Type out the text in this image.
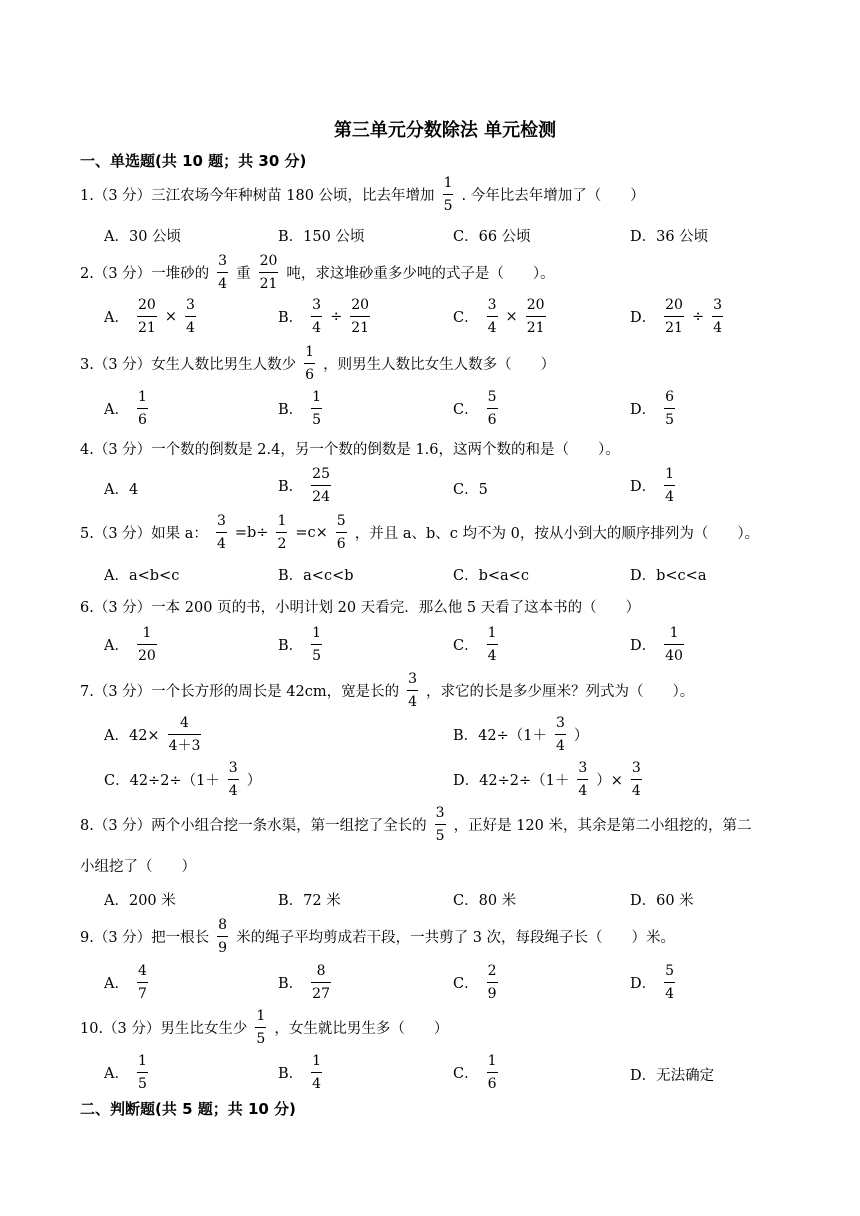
第三单元分数除法 单元检测
一、单选题(共 10 题；共 30 分)
1.（3 分）三江农场今年种树苗 180 公顷，比去年增加 $\frac{1}{5}$ . 今年比去年增加了（　　）
A．30 公顷	B．150 公顷	C．66 公顷	D．36 公顷
2.（3 分）一堆砂的 $\frac{3}{4}$ 重 $\frac{20}{21}$ 吨，求这堆砂重多少吨的式子是（　　）。
A． $\frac{20}{21} \times \frac{3}{4}$	B． $\frac{3}{4} \div \frac{20}{21}$	C． $\frac{3}{4} \times \frac{20}{21}$	D． $\frac{20}{21} \div \frac{3}{4}$
3.（3 分）女生人数比男生人数少 $\frac{1}{6}$ ，则男生人数比女生人数多（　　）
A． $\frac{1}{6}$	B． $\frac{1}{5}$	C． $\frac{5}{6}$	D． $\frac{6}{5}$
4.（3 分）一个数的倒数是 2.4，另一个数的倒数是 1.6，这两个数的和是（　　）。
A．4	B． $\frac{25}{24}$	C．5	D． $\frac{1}{4}$
5.（3 分）如果 a： $\frac{3}{4} =b\div \frac{1}{2} =c\times \frac{5}{6}$ ，并且 a、b、c 均不为 0，按从小到大的顺序排列为（　　）。
A．a<b<c	B．a<c<b	C．b<a<c	D．b<c<a
6.（3 分）一本 200 页的书，小明计划 20 天看完．那么他 5 天看了这本书的（　　）
A． $\frac{1}{20}$	B． $\frac{1}{5}$	C． $\frac{1}{4}$	D． $\frac{1}{40}$
7.（3 分）一个长方形的周长是 42cm，宽是长的 $\frac{3}{4}$ ，求它的长是多少厘米？列式为（　　）。
A．$42\times \frac{4}{4+3}$	B．$42\div(1+ \frac{3}{4}$ ）
C．$42\div 2\div(1+ \frac{3}{4}$ ）	D．$42\div 2\div(1+ \frac{3}{4}$ ）× $\frac{3}{4}$
8.（3 分）两个小组合挖一条水渠，第一组挖了全长的 $\frac{3}{5}$ ，正好是 120 米，其余是第二小组挖的，第二
小组挖了（　　）
A．200 米	B．72 米	C．80 米	D．60 米
9.（3 分）把一根长 $\frac{8}{9}$ 米的绳子平均剪成若干段，一共剪了 3 次，每段绳子长（　　）米。
A． $\frac{4}{7}$	B． $\frac{8}{27}$	C． $\frac{2}{9}$	D． $\frac{5}{4}$
10.（3 分）男生比女生少 $\frac{1}{5}$ ，女生就比男生多（　　）
A． $\frac{1}{5}$	B． $\frac{1}{4}$	C． $\frac{1}{6}$	D．无法确定
二、判断题(共 5 题；共 10 分)
